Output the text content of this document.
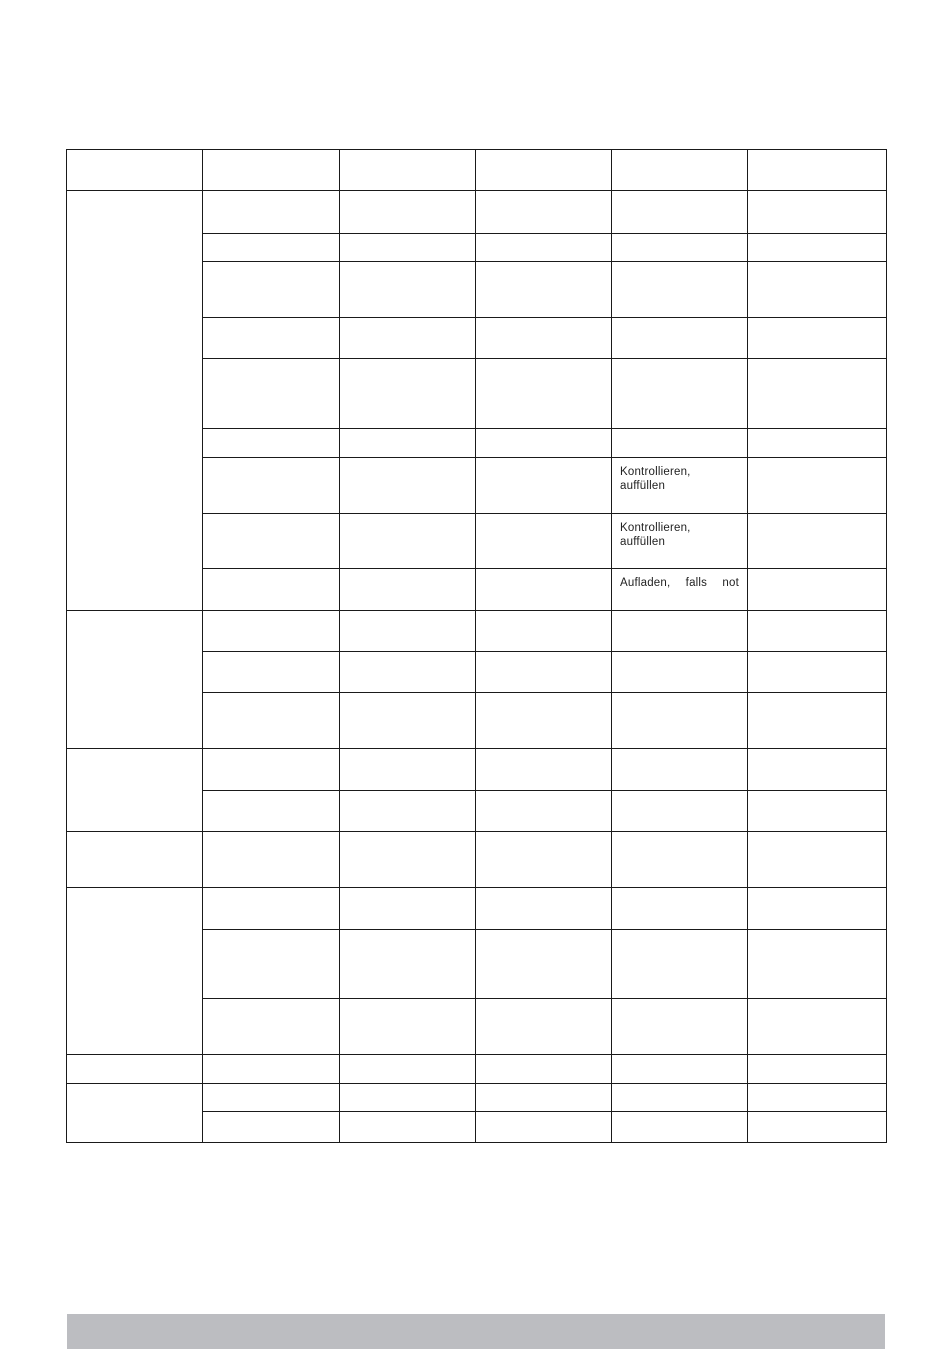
Kontrollieren, auffüllen
Kontrollieren, auffüllen
Aufladen, falls not
